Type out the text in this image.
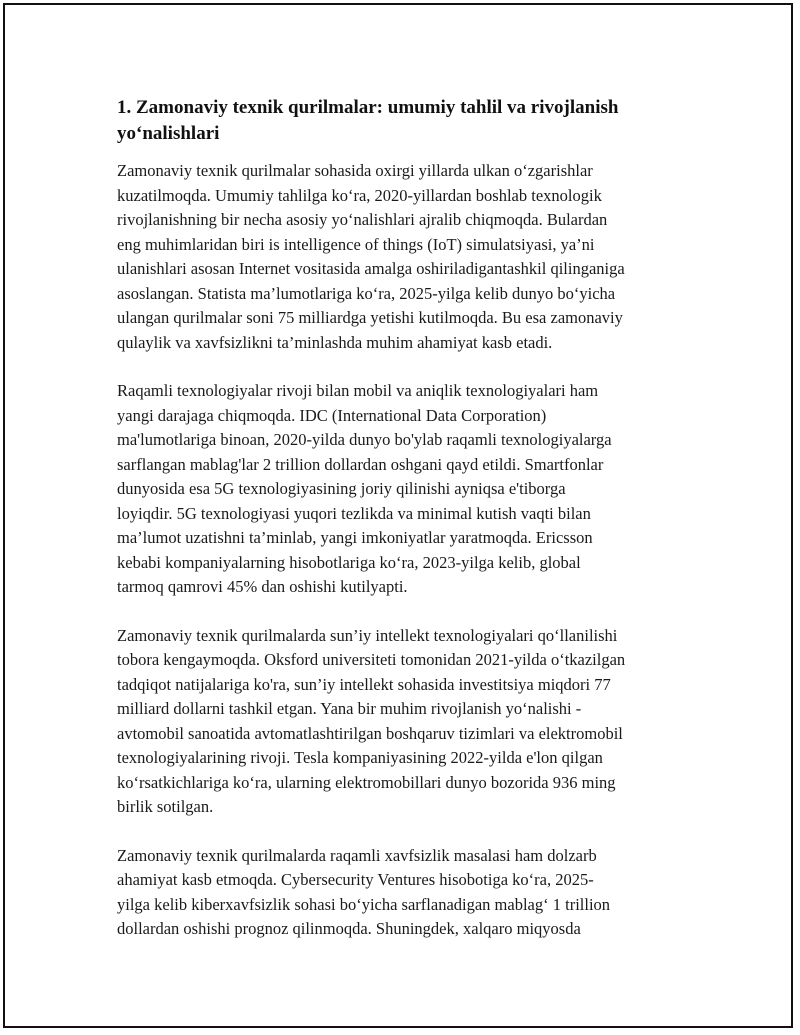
1. Zamonaviy texnik qurilmalar: umumiy tahlil va rivojlanish yo‘nalishlari

Zamonaviy texnik qurilmalar sohasida oxirgi yillarda ulkan o‘zgarishlar
kuzatilmoqda. Umumiy tahlilga ko‘ra, 2020-yillardan boshlab texnologik
rivojlanishning bir necha asosiy yo‘nalishlari ajralib chiqmoqda. Bulardan
eng muhimlaridan biri is intelligence of things (IoT) simulatsiyasi, ya’ni
ulanishlari asosan Internet vositasida amalga oshiriladigantashkil qilinganiga
asoslangan. Statista ma’lumotlariga ko‘ra, 2025-yilga kelib dunyo bo‘yicha
ulangan qurilmalar soni 75 milliardga yetishi kutilmoqda. Bu esa zamonaviy
qulaylik va xavfsizlikni ta’minlashda muhim ahamiyat kasb etadi.

Raqamli texnologiyalar rivoji bilan mobil va aniqlik texnologiyalari ham
yangi darajaga chiqmoqda. IDC (International Data Corporation)
ma'lumotlariga binoan, 2020-yilda dunyo bo'ylab raqamli texnologiyalarga
sarflangan mablag'lar 2 trillion dollardan oshgani qayd etildi. Smartfonlar
dunyosida esa 5G texnologiyasining joriy qilinishi ayniqsa e'tiborga
loyiqdir. 5G texnologiyasi yuqori tezlikda va minimal kutish vaqti bilan
ma’lumot uzatishni ta’minlab, yangi imkoniyatlar yaratmoqda. Ericsson
kebabi kompaniyalarning hisobotlariga ko‘ra, 2023-yilga kelib, global
tarmoq qamrovi 45% dan oshishi kutilyapti.

Zamonaviy texnik qurilmalarda sun’iy intellekt texnologiyalari qo‘llanilishi
tobora kengaymoqda. Oksford universiteti tomonidan 2021-yilda o‘tkazilgan
tadqiqot natijalariga ko'ra, sun’iy intellekt sohasida investitsiya miqdori 77
milliard dollarni tashkil etgan. Yana bir muhim rivojlanish yo‘nalishi -
avtomobil sanoatida avtomatlashtirilgan boshqaruv tizimlari va elektromobil
texnologiyalarining rivoji. Tesla kompaniyasining 2022-yilda e'lon qilgan
ko‘rsatkichlariga ko‘ra, ularning elektromobillari dunyo bozorida 936 ming
birlik sotilgan.

Zamonaviy texnik qurilmalarda raqamli xavfsizlik masalasi ham dolzarb
ahamiyat kasb etmoqda. Cybersecurity Ventures hisobotiga ko‘ra, 2025-
yilga kelib kiberxavfsizlik sohasi bo‘yicha sarflanadigan mablag‘ 1 trillion
dollardan oshishi prognoz qilinmoqda. Shuningdek, xalqaro miqyosda
